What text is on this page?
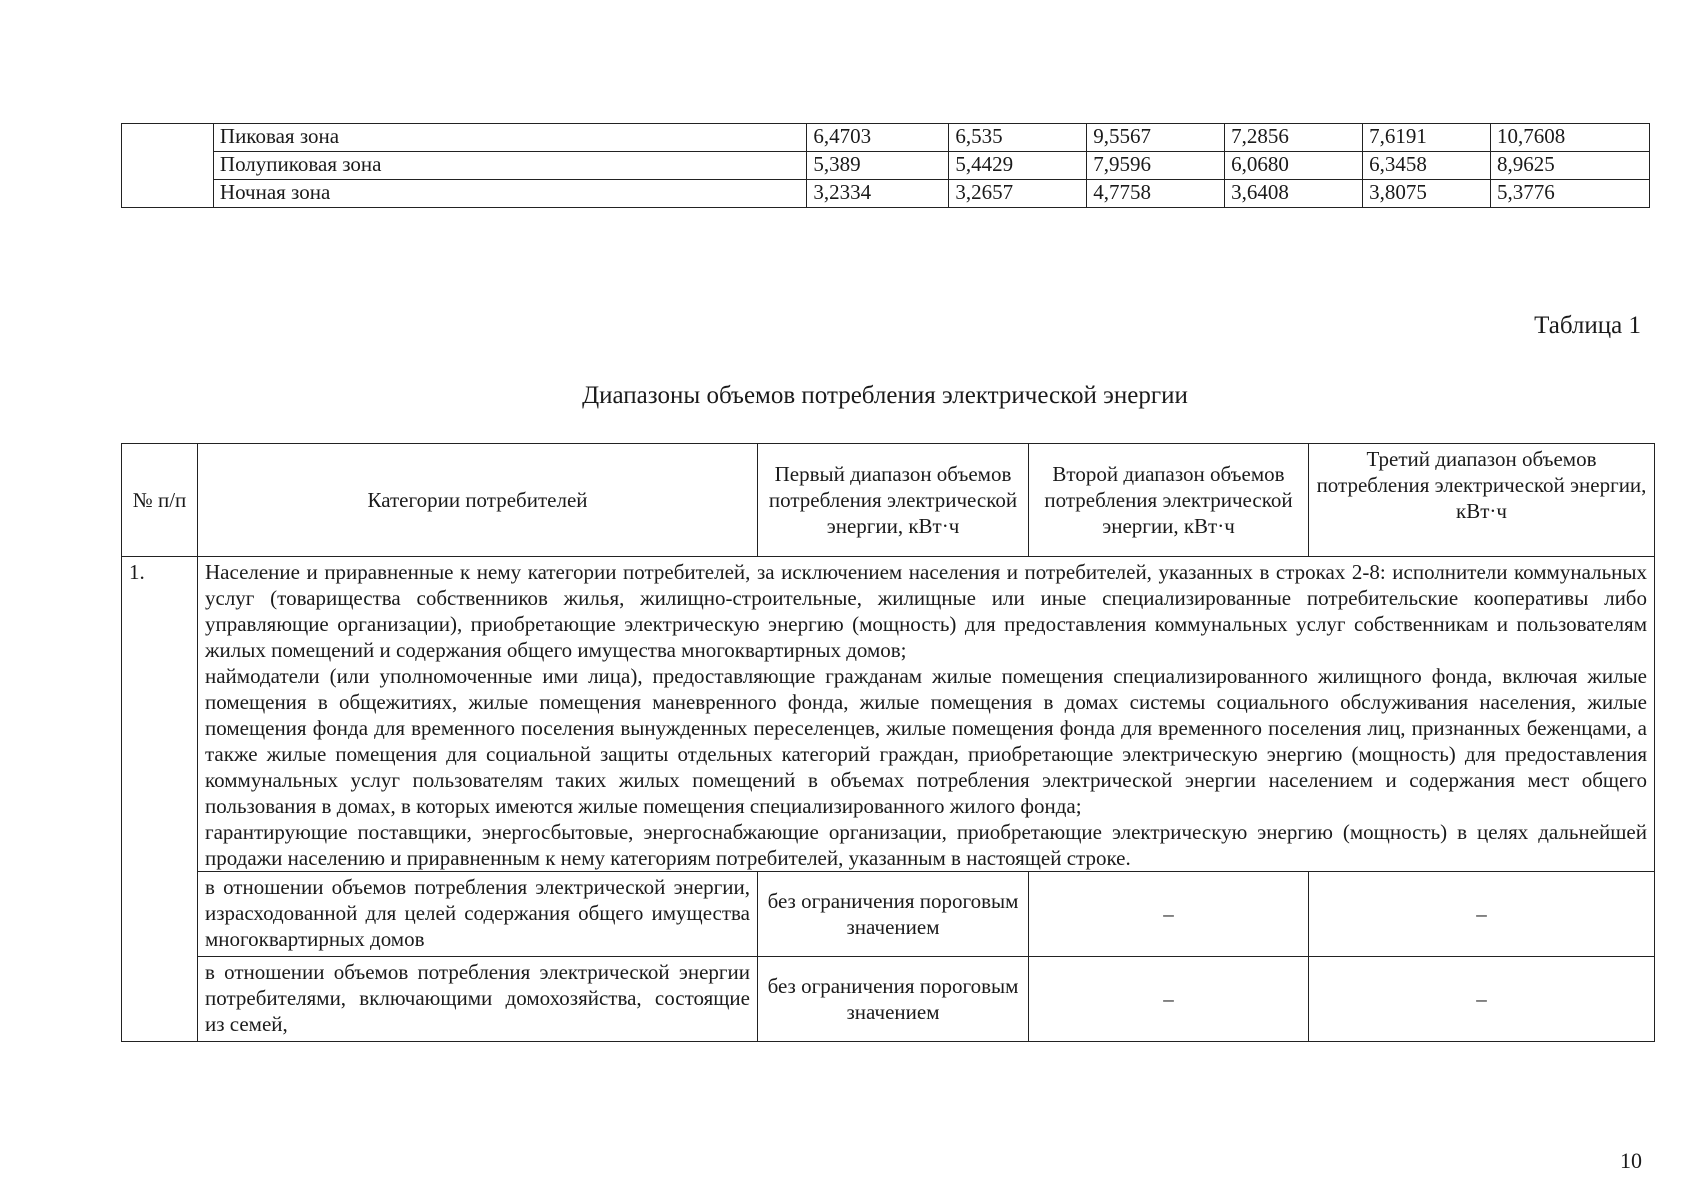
	Пиковая зона	6,4703	6,535	9,5567	7,2856	7,6191	10,7608
	Полупиковая зона	5,389	5,4429	7,9596	6,0680	6,3458	8,9625
	Ночная зона	3,2334	3,2657	4,7758	3,6408	3,8075	5,3776
Таблица 1
Диапазоны объемов потребления электрической энергии
№ п/п	Категории потребителей	Первый диапазон объемов потребления электрической энергии, кВт·ч	Второй диапазон объемов потребления электрической энергии, кВт·ч	Третий диапазон объемов потребления электрической энергии, кВт·ч
1.	Население и приравненные к нему категории потребителей, за исключением населения и потребителей, указанных в строках 2-8: исполнители коммунальных услуг (товарищества собственников жилья, жилищно-строительные, жилищные или иные специализированные потребительские кооперативы либо управляющие организации), приобретающие электрическую энергию (мощность) для предоставления коммунальных услуг собственникам и пользователям жилых помещений и содержания общего имущества многоквартирных домов;

наймодатели (или уполномоченные ими лица), предоставляющие гражданам жилые помещения специализированного жилищного фонда, включая жилые помещения в общежитиях, жилые помещения маневренного фонда, жилые помещения в домах системы социального обслуживания населения, жилые помещения фонда для временного поселения вынужденных переселенцев, жилые помещения фонда для временного поселения лиц, признанных беженцами, а также жилые помещения для социальной защиты отдельных категорий граждан, приобретающие электрическую энергию (мощность) для предоставления коммунальных услуг пользователям таких жилых помещений в объемах потребления электрической энергии населением и содержания мест общего пользования в домах, в которых имеются жилые помещения специализированного жилого фонда;

гарантирующие поставщики, энергосбытовые, энергоснабжающие организации, приобретающие электрическую энергию (мощность) в целях дальнейшей продажи населению и приравненным к нему категориям потребителей, указанным в настоящей строке.			

	в отношении объемов потребления электрической энергии, израсходованной для целей содержания общего имущества многоквартирных домов	без ограничения пороговым значением	–	–
	в отношении объемов потребления электрической энергии потребителями, включающими домохозяйства, состоящие из семей,	без ограничения пороговым значением	–	–
10
